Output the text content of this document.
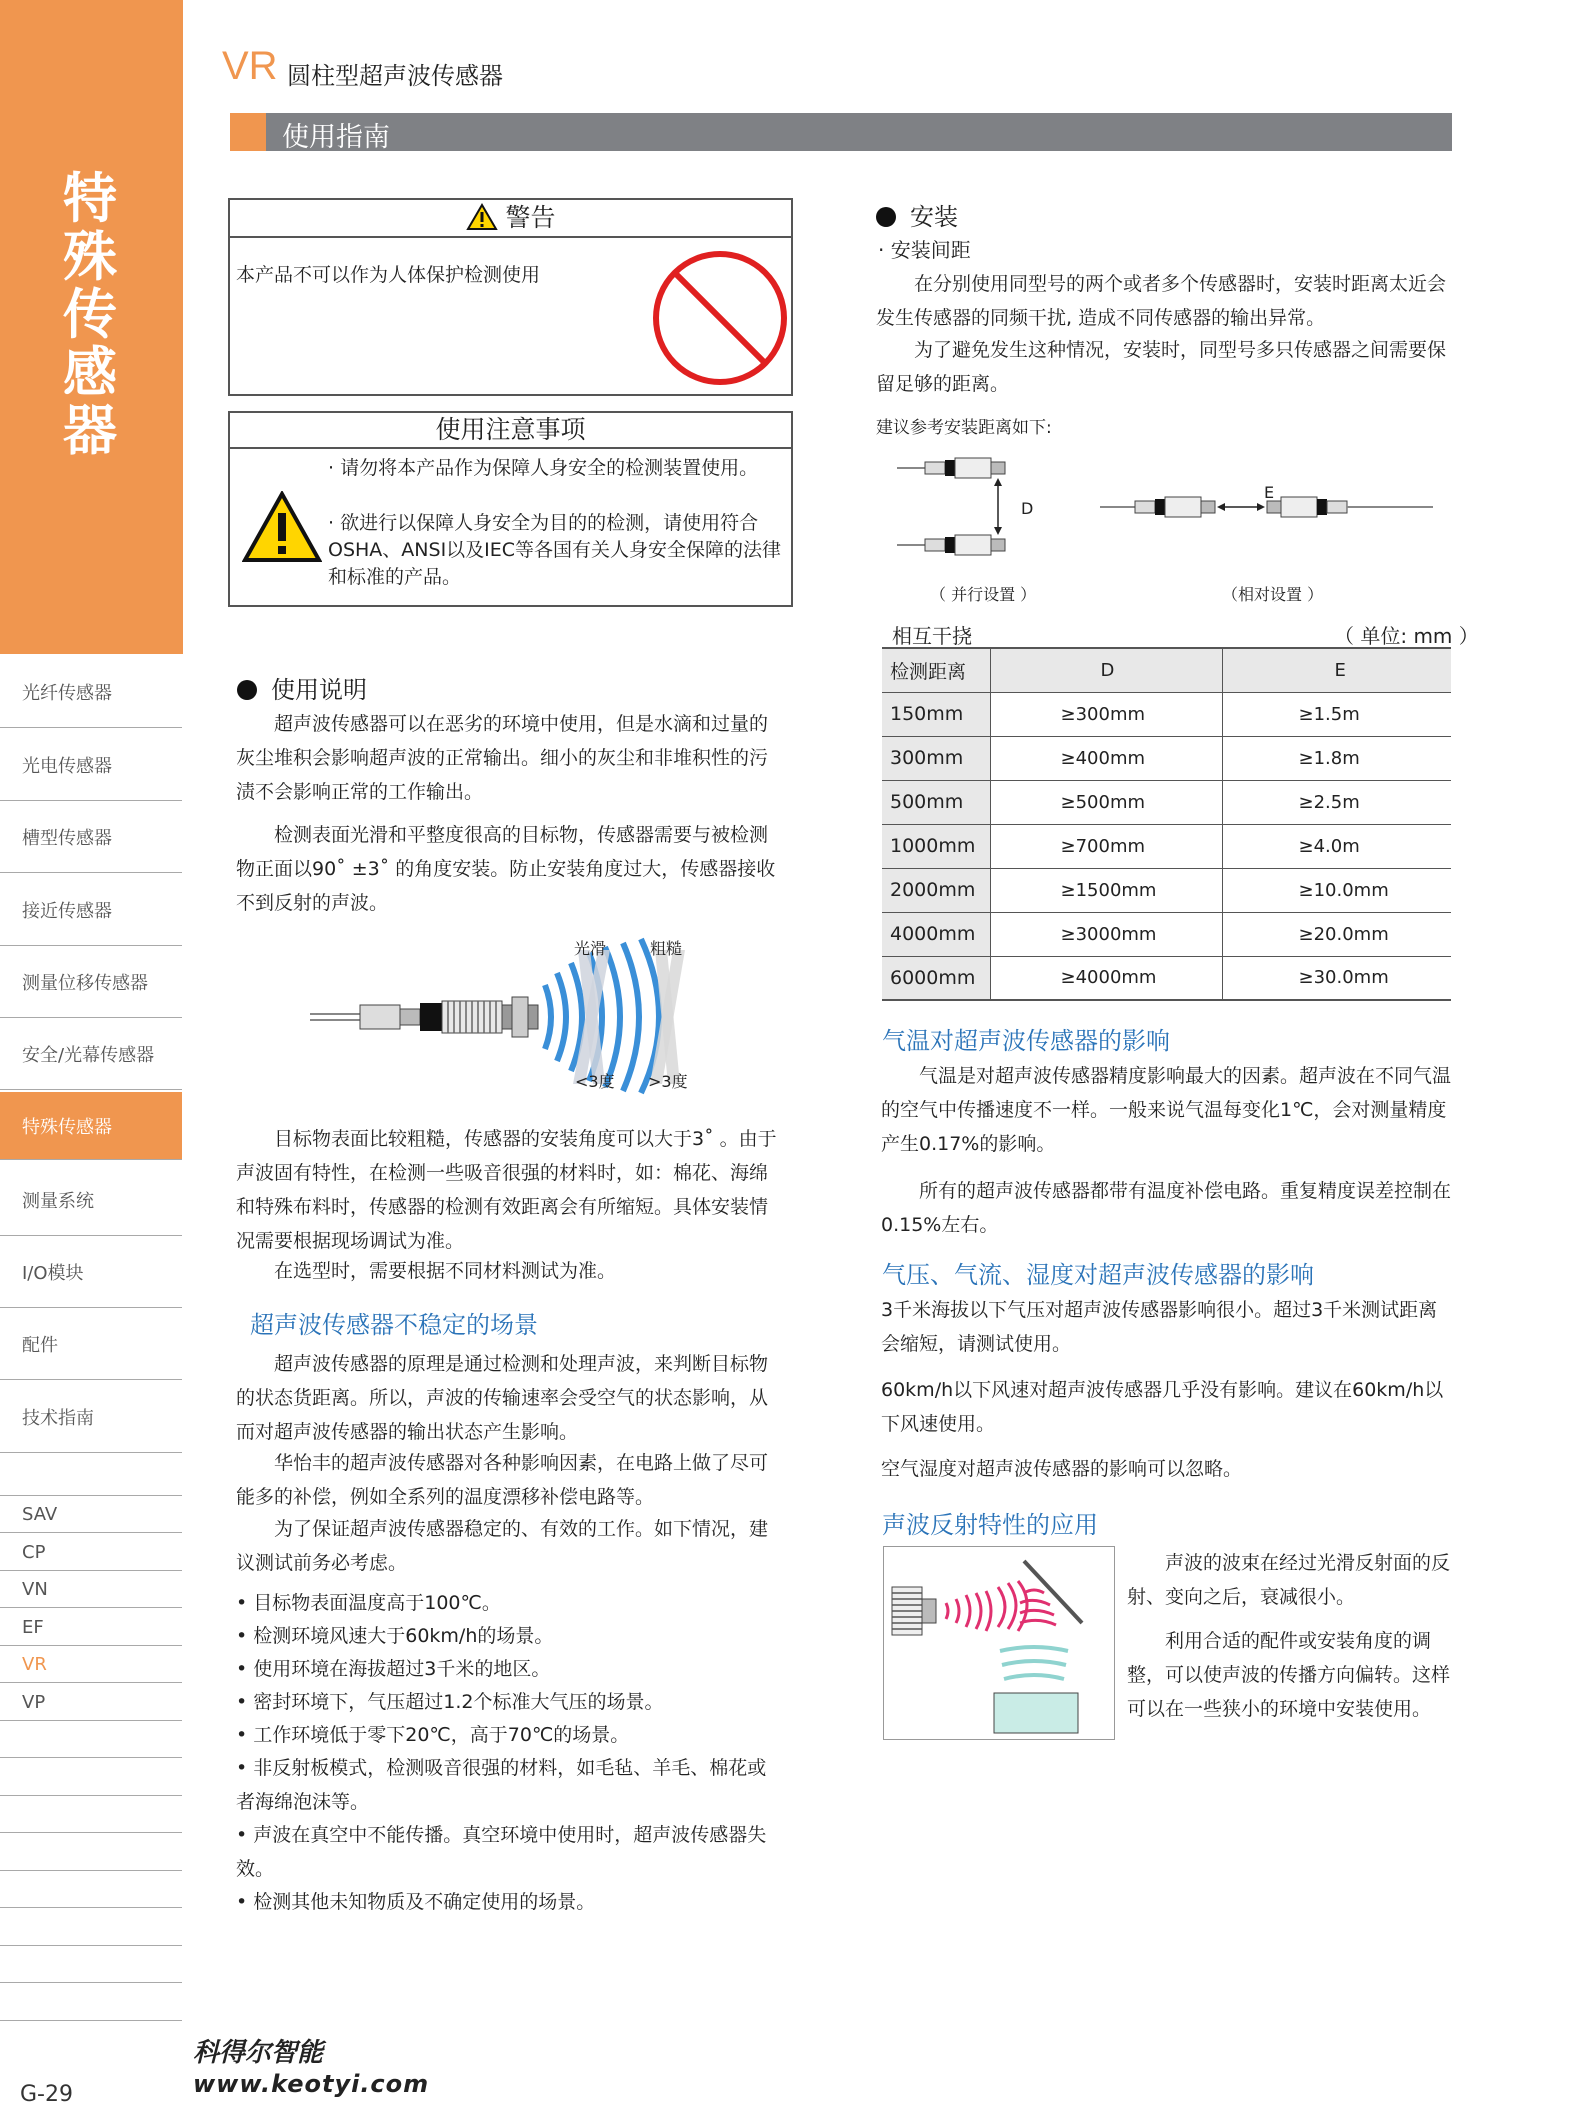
特殊传感器
光纤传感器
光电传感器
槽型传感器
接近传感器
测量位移传感器
安全/光幕传感器
特殊传感器
测量系统
I/O模块
配件
技术指南
SAV
CP
VN
EF
VR
VP
G-29
VR 圆柱型超声波传感器
使用指南
警告
本产品不可以作为人体保护检测使用
使用注意事项
· 请勿将本产品作为保障人身安全的检测装置使用。
· 欲进行以保障人身安全为目的的检测，请使用符合OSHA、ANSI以及IEC等各国有关人身安全保障的法律和标准的产品。
使用说明
超声波传感器可以在恶劣的环境中使用，但是水滴和过量的灰尘堆积会影响超声波的正常输出。细小的灰尘和非堆积性的污渍不会影响正常的工作输出。
检测表面光滑和平整度很高的目标物，传感器需要与被检测物正面以90˚ ±3˚ 的角度安装。防止安装角度过大，传感器接收不到反射的声波。
光滑	粗糙
<3度 >3度
目标物表面比较粗糙，传感器的安装角度可以大于3˚ 。由于声波固有特性，在检测一些吸音很强的材料时，如：棉花、海绵和特殊布料时，传感器的检测有效距离会有所缩短。具体安装情况需要根据现场调试为准。
在选型时，需要根据不同材料测试为准。
超声波传感器不稳定的场景
超声波传感器的原理是通过检测和处理声波，来判断目标物的状态货距离。所以，声波的传输速率会受空气的状态影响，从而对超声波传感器的输出状态产生影响。
华怡丰的超声波传感器对各种影响因素，在电路上做了尽可能多的补偿，例如全系列的温度漂移补偿电路等。
为了保证超声波传感器稳定的、有效的工作。如下情况，建议测试前务必考虑。
• 目标物表面温度高于100℃。
• 检测环境风速大于60km/h的场景。
• 使用环境在海拔超过3千米的地区。
• 密封环境下，气压超过1.2个标准大气压的场景。
• 工作环境低于零下20℃，高于70℃的场景。
• 非反射板模式，检测吸音很强的材料，如毛毡、羊毛、棉花或 者海绵泡沫等。
• 声波在真空中不能传播。真空环境中使用时，超声波传感器失效。
• 检测其他未知物质及不确定使用的场景。
安装
· 安装间距
在分别使用同型号的两个或者多个传感器时，安装时距离太近会发生传感器的同频干扰, 造成不同传感器的输出异常。
为了避免发生这种情况，安装时，同型号多只传感器之间需要保留足够的距离。
建议参考安装距离如下:
D
E
（ 并行设置 ）	（相对设置 ）
相互干挠	（ 单位: mm ）
检测距离	D	E
150mm	≥300mm	≥1.5m
300mm	≥400mm	≥1.8m
500mm	≥500mm	≥2.5m
1000mm	≥700mm	≥4.0m
2000mm	≥1500mm	≥10.0mm
4000mm	≥3000mm	≥20.0mm
6000mm	≥4000mm	≥30.0mm
气温对超声波传感器的影响
气温是对超声波传感器精度影响最大的因素。超声波在不同气温的空气中传播速度不一样。一般来说气温每变化1℃，会对测量精度产生0.17%的影响。
所有的超声波传感器都带有温度补偿电路。重复精度误差控制在0.15%左右。
气压、气流、湿度对超声波传感器的影响
3千米海拔以下气压对超声波传感器影响很小。超过3千米测试距离会缩短，请测试使用。
60km/h以下风速对超声波传感器几乎没有影响。建议在60km/h以下风速使用。
空气湿度对超声波传感器的影响可以忽略。
声波反射特性的应用
声波的波束在经过光滑反射面的反射、变向之后，衰减很小。
利用合适的配件或安装角度的调整，可以使声波的传播方向偏转。这样可以在一些狭小的环境中安装使用。
科得尔智能
www.keotyi.com
